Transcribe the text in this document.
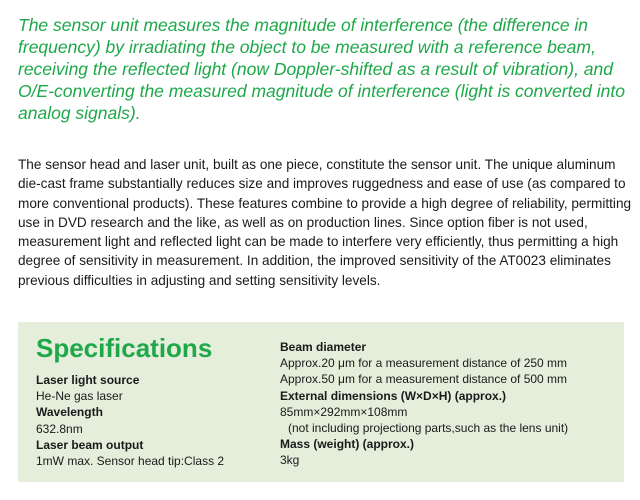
The sensor unit measures the magnitude of interference (the difference in frequency) by irradiating the object to be measured with a reference beam, receiving the reflected light (now Doppler-shifted as a result of vibration), and O/E-converting the measured magnitude of interference (light is converted into analog signals).

The sensor head and laser unit, built as one piece, constitute the sensor unit. The unique aluminum die-cast frame substantially reduces size and improves ruggedness and ease of use (as compared to more conventional products). These features combine to provide a high degree of reliability, permitting use in DVD research and the like, as well as on production lines. Since option fiber is not used, measurement light and reflected light can be made to interfere very efficiently, thus permitting a high degree of sensitivity in measurement. In addition, the improved sensitivity of the AT0023 eliminates previous difficulties in adjusting and setting sensitivity levels.

Specifications
Laser light source
He-Ne gas laser
Wavelength
632.8nm
Laser beam output
1mW max. Sensor head tip:Class 2
Beam diameter
Approx.20 μm for a measurement distance of 250 mm
Approx.50 μm for a measurement distance of 500 mm
External dimensions (W×D×H) (approx.)
85mm×292mm×108mm
(not including projectiong parts,such as the lens unit)
Mass (weight) (approx.)
3kg
